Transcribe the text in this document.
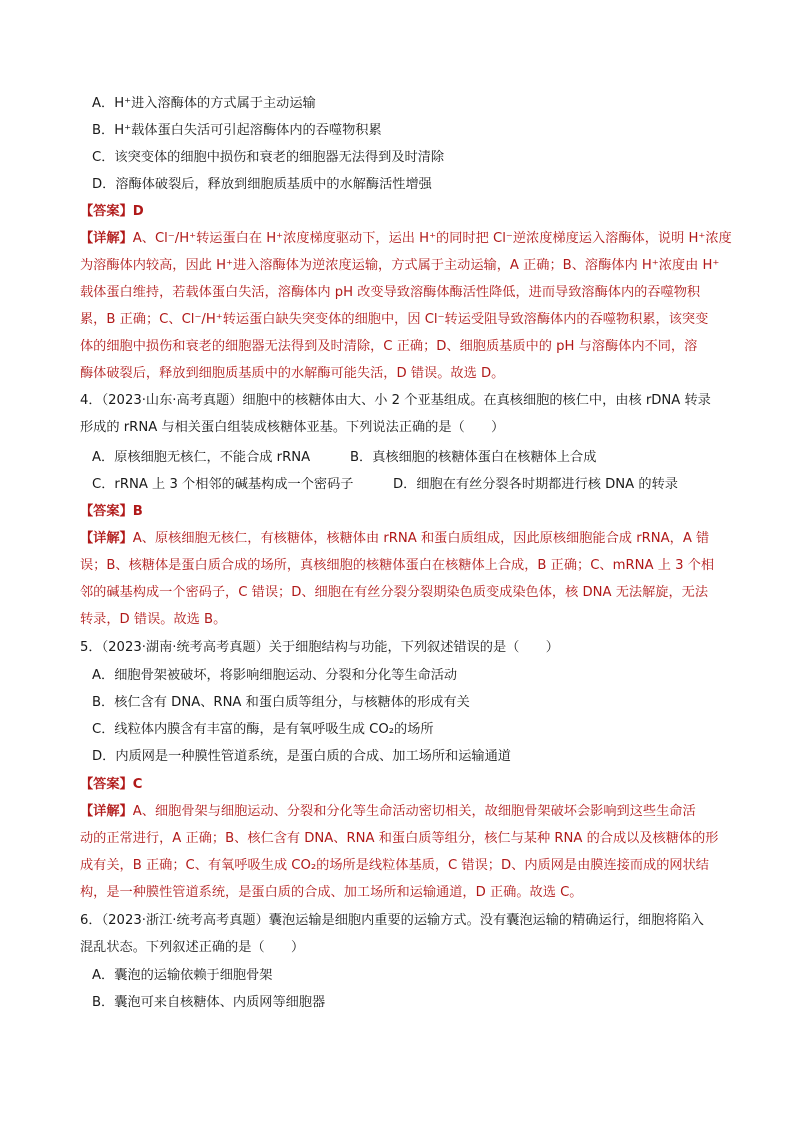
A．H⁺进入溶酶体的方式属于主动运输
B．H⁺载体蛋白失活可引起溶酶体内的吞噬物积累
C．该突变体的细胞中损伤和衰老的细胞器无法得到及时清除
D．溶酶体破裂后，释放到细胞质基质中的水解酶活性增强
【答案】D
【详解】A、Cl⁻/H⁺转运蛋白在 H⁺浓度梯度驱动下，运出 H⁺的同时把 Cl⁻逆浓度梯度运入溶酶体，说明 H⁺浓度
为溶酶体内较高，因此 H⁺进入溶酶体为逆浓度运输，方式属于主动运输，A 正确；B、溶酶体内 H⁺浓度由 H⁺
载体蛋白维持，若载体蛋白失活，溶酶体内 pH 改变导致溶酶体酶活性降低，进而导致溶酶体内的吞噬物积
累，B 正确；C、Cl⁻/H⁺转运蛋白缺失突变体的细胞中，因 Cl⁻转运受阻导致溶酶体内的吞噬物积累，该突变
体的细胞中损伤和衰老的细胞器无法得到及时清除，C 正确；D、细胞质基质中的 pH 与溶酶体内不同，溶
酶体破裂后，释放到细胞质基质中的水解酶可能失活，D 错误。故选 D。
4．（2023·山东·高考真题）细胞中的核糖体由大、小 2 个亚基组成。在真核细胞的核仁中，由核 rDNA 转录
形成的 rRNA 与相关蛋白组装成核糖体亚基。下列说法正确的是（　　）
A．原核细胞无核仁，不能合成 rRNA	B．真核细胞的核糖体蛋白在核糖体上合成
C．rRNA 上 3 个相邻的碱基构成一个密码子	D．细胞在有丝分裂各时期都进行核 DNA 的转录
【答案】B
【详解】A、原核细胞无核仁，有核糖体，核糖体由 rRNA 和蛋白质组成，因此原核细胞能合成 rRNA，A 错
误；B、核糖体是蛋白质合成的场所，真核细胞的核糖体蛋白在核糖体上合成，B 正确；C、mRNA 上 3 个相
邻的碱基构成一个密码子，C 错误；D、细胞在有丝分裂分裂期染色质变成染色体，核 DNA 无法解旋，无法
转录，D 错误。故选 B。
5．（2023·湖南·统考高考真题）关于细胞结构与功能，下列叙述错误的是（　　）
A．细胞骨架被破坏，将影响细胞运动、分裂和分化等生命活动
B．核仁含有 DNA、RNA 和蛋白质等组分，与核糖体的形成有关
C．线粒体内膜含有丰富的酶，是有氧呼吸生成 CO₂的场所
D．内质网是一种膜性管道系统，是蛋白质的合成、加工场所和运输通道
【答案】C
【详解】A、细胞骨架与细胞运动、分裂和分化等生命活动密切相关，故细胞骨架破坏会影响到这些生命活
动的正常进行，A 正确；B、核仁含有 DNA、RNA 和蛋白质等组分，核仁与某种 RNA 的合成以及核糖体的形
成有关，B 正确；C、有氧呼吸生成 CO₂的场所是线粒体基质，C 错误；D、内质网是由膜连接而成的网状结
构，是一种膜性管道系统，是蛋白质的合成、加工场所和运输通道，D 正确。故选 C。
6．（2023·浙江·统考高考真题）囊泡运输是细胞内重要的运输方式。没有囊泡运输的精确运行，细胞将陷入
混乱状态。下列叙述正确的是（　　）
A．囊泡的运输依赖于细胞骨架
B．囊泡可来自核糖体、内质网等细胞器
